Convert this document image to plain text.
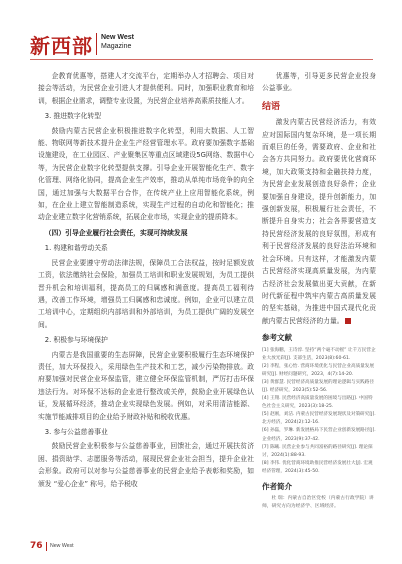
新西部 New West
Magazine

企教育优惠等，搭建人才交流平台，定期举办人才招聘会、项目对接会等活动，为民营企业引进人才提供便利。同时，加强职业教育和培训，根据企业需求，调整专业设置，为民营企业培养高素质技能人才。

3. 推进数字化转型

鼓励内蒙古民营企业积极推进数字化转型，利用大数据、人工智能、物联网等新技术提升企业生产经营管理水平。政府要加强数字基础设施建设，在工业园区、产业聚集区等重点区域建设5G网络、数据中心等，为民营企业数字化转型提供支撑。引导企业开展智能化生产、数字化管理、网络化协同，提高企业生产效率，推动从单纯市场竞争的向全国，通过加强与大数据平台合作，在传统产业上应用智能化系统，例如，在企业上建立智能制造系统，实现生产过程的自动化和智能化；推动企业建立数字化营销系统，拓展企业市场，实现企业的提质降本。

（四）引导企业履行社会责任，实现可持续发展
1. 构建和谐劳动关系

民营企业要遵守劳动法律法规，保障员工合法权益，按时足额发放工资，依法缴纳社会保险，加强员工培训和职业发展规划，为员工提供晋升机会和培训福利，提高员工的归属感和满意度。提高员工福利待遇，改善工作环境，增强员工归属感和忠诚度。例如，企业可以建立员工培训中心，定期组织内部培训和外部培训，为员工提供广阔的发展空间。

2. 积极参与环境保护

内蒙古是我国重要的生态屏障，民营企业要积极履行生态环境保护责任，加大环保投入，采用绿色生产技术和工艺，减少污染物排放。政府要加强对民营企业环保监管，建立健全环保监管机制，严厉打击环保违法行为。对环保不达标的企业进行整改或关停，鼓励企业开展绿色认证，发展循环经济，推动企业实现绿色发展。例如，对采用清洁能源、实施节能减排项目的企业给予财政补贴和税收优惠。

3. 参与公益慈善事业

鼓励民营企业积极参与公益慈善事业，回馈社会，通过开展扶贫济困、捐资助学、志愿服务等活动，展现民营企业社会担当，提升企业社会形象。政府可以对参与公益慈善事业的民营企业给予表彰和奖励，如颁发 “爱心企业” 称号，给予税收

优惠等，引导更多民营企业投身公益事业。

结语

激发内蒙古民营经济活力，有效应对国际国内复杂环境，是一项长期而艰巨的任务，需要政府、企业和社会各方共同努力。政府要优化营商环境，加大政策支持和金融扶持力度，为民营企业发展创造良好条件；企业要加强自身建设，提升创新能力，加强创新发展，积极履行社会责任，不断提升自身实力；社会各界要营造支持民营经济发展的良好氛围，形成有利于民营经济发展的良好法治环境和社会环境。只有这样，才能激发内蒙古民营经济实现高质量发展，为内蒙古经济社会发展做出更大贡献，在新时代新征程中筑牢内蒙古高质量发展的坚实基础，为推进中国式现代化贡献内蒙古民营经济的力量。

参考文献
[1] 张海鹏，王诗淳. 坚持“两个毫不动摇” 让千万民营企业大放光彩[J]. 支部生活，2023(8):60-61.
[2] 李程，张心怡. 营商环境优化与民营企业高质量发展研究[J]. 财经问题研究，2023，4(7):14-20.
[3] 黄群慧. 民营经济高质量发展的理论逻辑与实践路径[J]. 经济研究，2023(5):52-56.
[4] 王翔. 民营经济高质量发展的困境与出路[J]. 中国特色社会主义研究，2023(3):18-25.
[5] 赵刚，刘洁. 内蒙古民营经济发展现状及对策研究[J]. 北方经济，2024(2):12-16.
[6] 孙磊，罗琳. 新发展格局下民营企业创新发展路径[J]. 企业经济，2023(9):37-42.
[7] 陈曦. 民营企业参与共同富裕的路径研究[J]. 理论探讨，2024(1):88-93.
[8] 李伟. 优化营商环境助推民营经济发展壮大[J]. 宏观经济管理，2024(3):45-50.
作者简介
杜 瑞：内蒙古自治区党校（内蒙古行政学院）讲师，研究方向为经济学、区域经济。
76 New West
